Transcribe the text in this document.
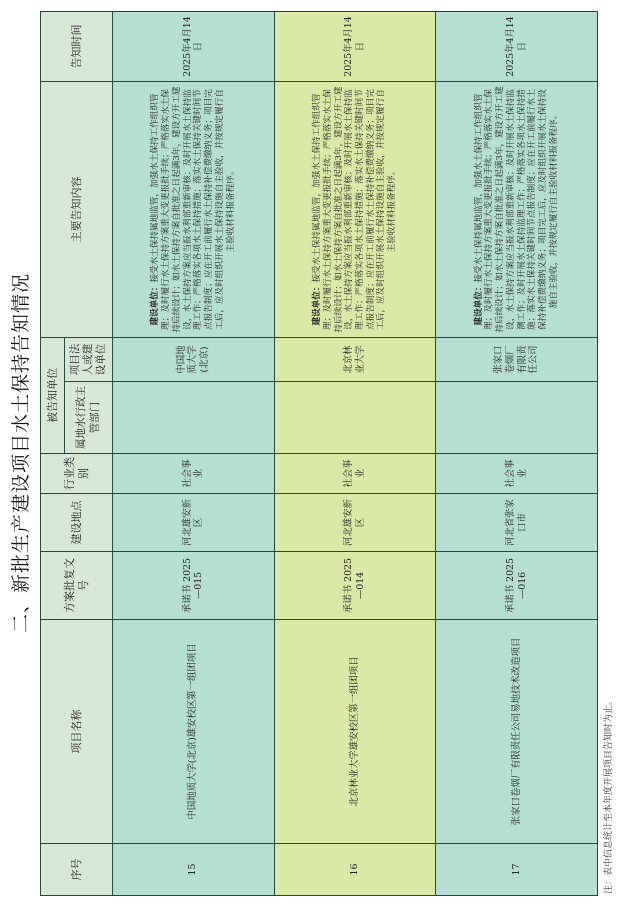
二、新批生产建设项目水土保持告知情况
序号	项目名称	方案批复文号	建设地点	行业类别	被告知单位		主要告知内容	告知时间
					属地水行政主管部门	项目法人或建设单位		
15	中国地质大学(北京)雄安校区第一组团项目	承诺书 2025—015	河北雄安新区	社会事业		中国地质大学(北京)	建设单位：接受水土保持属地监管，加强水土保持工作组织管理；及时履行水土保持方案重大变更报批手续；严格落实水土保持后续设计；如水土保持方案自批准之日起满3年，建设方开工建设，水土保持方案应当报水利部重新审核；及时开展水土保持监理工作；严格落实各项水土保持措施；落实水土保持关键时间节点报告制度；应在开工前履行水土保持补偿费缴纳义务；项目完工后，应及时组织开展水土保持设施自主验收，并按规定履行自主验收材料报备程序。	2025年4月14日
16	北京林业大学雄安校区第一组团项目	承诺书 2025—014	河北雄安新区	社会事业		北京林业大学	建设单位：接受水土保持属地监管，加强水土保持工作组织管理；及时履行水土保持方案重大变更报批手续；严格落实水土保持后续设计；如水土保持方案自批准之日起满3年，建设方开工建设，水土保持方案应当报水利部重新审核；及时开展水土保持监理工作；严格落实各项水土保持措施；落实水土保持关键时间节点报告制度；应在开工前履行水土保持补偿费缴纳义务；项目完工后，应及时组织开展水土保持设施自主验收，并按规定履行自主验收材料报备程序。	2025年4月14日
17	张家口卷烟厂有限责任公司易地技术改造项目	承诺书 2025—016	河北省张家口市	社会事业		张家口卷烟厂有限责任公司	建设单位：接受水土保持属地监管，加强水土保持工作组织管理；及时履行水土保持方案重大变更报批手续；严格落实水土保持后续设计；如水土保持方案自批准之日起满3年，建设方开工建设，水土保持方案应当报水利部重新审核；及时开展水土保持监测工作；及时开展水土保持监理工作；严格落实各项水土保持措施；落实水土保持关键时间节点报告制度；应在开工前履行水土保持补偿费缴纳义务；项目完工后，应及时组织开展水土保持设施自主验收，并按规定履行自主验收材料报备程序。	2025年4月14日
注：表中信息统计至本年度开展项目告知时为止。
